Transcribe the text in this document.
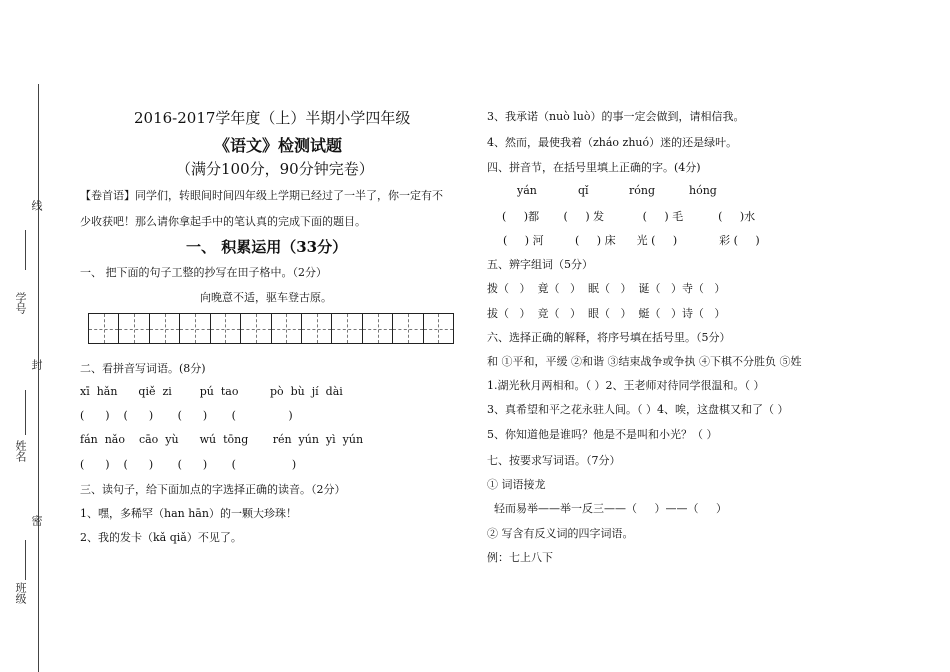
线
学号
封
姓名
密
班级
2016-2017学年度（上）半期小学四年级
《语文》检测试题
（满分100分，90分钟完卷）
【卷首语】同学们，转眼间时间四年级上学期已经过了一半了，你一定有不
少收获吧！那么请你拿起手中的笔认真的完成下面的题目。
一、 积累运用（33分）
一、 把下面的句子工整的抄写在田子格中。（2分）
向晚意不适，驱车登古原。
二、看拼音写词语。(8分)
xī  hǎn      qiě  zi        pú  tao         pò  bù  jí  dài
(      )    (      )       (      )       (               )
fán  nǎo    cāo  yù      wú  tōng       rén  yún  yì  yún
(      )    (      )       (      )       (                )
三、读句子，给下面加点的字选择正确的读音。（2分）
1、嘿，多稀罕（han hān）的一颗大珍珠！
2、我的发卡（kǎ qiǎ）不见了。
3、我承诺（nuò luò）的事一定会做到，请相信我。
4、然而，最使我着（zháo zhuó）迷的还是绿叶。
四、拼音节，在括号里填上正确的字。(4分)
yán	qǐ	róng	hóng
(     )都       (     ) 发           (     ) 毛          (     )水
(     ) 河         (     ) 床      光 (     )            彩 (     )
五、辨字组词（5分）
拨（   ）  竟（   ）  眠（   ）  诞（   ）寺（   ）
拔（   ）  竞（   ）  眼（   ）  蜓（   ）诗（   ）
六、选择正确的解释，将序号填在括号里。（5分）
和 ①平和，平缓 ②和谐 ③结束战争或争执 ④下棋不分胜负 ⑤姓
1.湖光秋月两相和。（ ）2、王老师对待同学很温和。（ ）
3、真希望和平之花永驻人间。（ ）4、唉，这盘棋又和了（ ）
5、你知道他是谁吗？他是不是叫和小光？（ ）
七、按要求写词语。（7分）
① 词语接龙
轻而易举——举一反三——（     ）——（     ）
② 写含有反义词的四字词语。
例：七上八下
